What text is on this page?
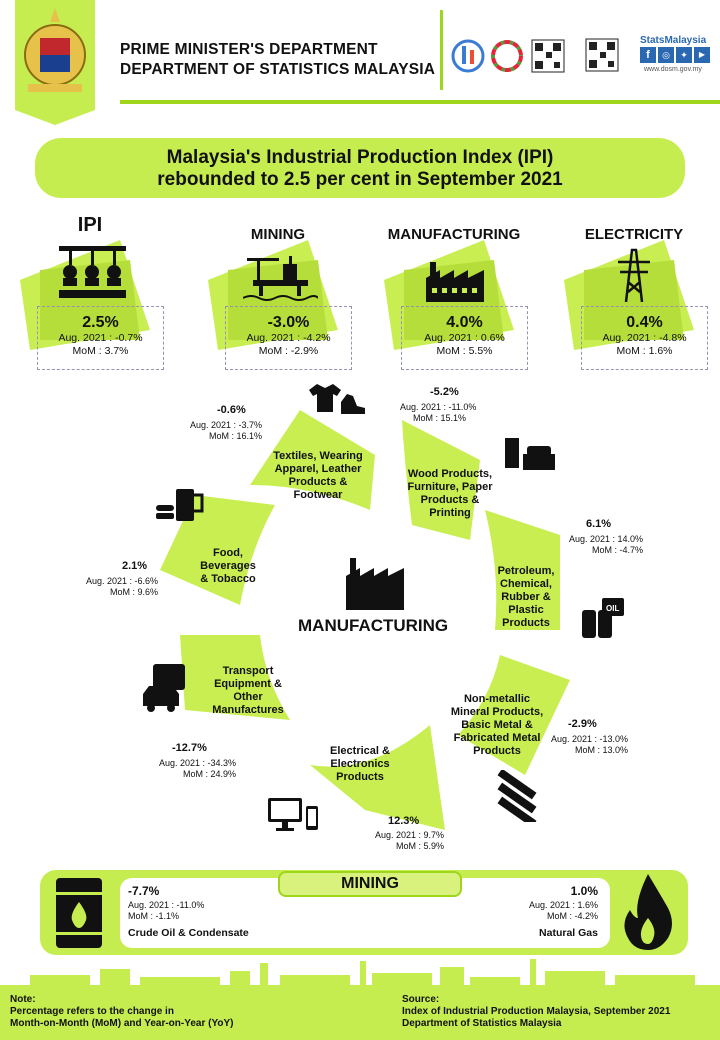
PRIME MINISTER'S DEPARTMENT
DEPARTMENT OF STATISTICS MALAYSIA
StatsMalaysia
f	◎	✦	▶
www.dosm.gov.my
Malaysia's Industrial Production Index (IPI)
rebounded to 2.5 per cent in September 2021
IPI
2.5%
Aug. 2021 : -0.7%
MoM : 3.7%
MINING
-3.0%
Aug. 2021 : -4.2%
MoM : -2.9%
MANUFACTURING
4.0%
Aug. 2021 : 0.6%
MoM : 5.5%
ELECTRICITY
0.4%
Aug. 2021 : -4.8%
MoM : 1.6%
Textiles, Wearing Apparel, Leather Products & Footwear
Wood Products, Furniture, Paper Products & Printing
Petroleum, Chemical, Rubber & Plastic Products
Non-metallic Mineral Products, Basic Metal & Fabricated Metal Products
Electrical & Electronics Products
Transport Equipment & Other Manufactures
Food, Beverages & Tobacco
MANUFACTURING
-0.6%
Aug. 2021 : -3.7%
MoM : 16.1%
-5.2%
Aug. 2021 : -11.0%
MoM : 15.1%
6.1%
Aug. 2021 : 14.0%
MoM : -4.7%
-2.9%
Aug. 2021 : -13.0%
MoM : 13.0%
12.3%
Aug. 2021 : 9.7%
MoM : 5.9%
-12.7%
Aug. 2021 : -34.3%
MoM : 24.9%
2.1%
Aug. 2021 : -6.6%
MoM : 9.6%
OIL
MINING
-7.7%
Aug. 2021 : -11.0%
MoM : -1.1%
Crude Oil & Condensate
1.0%
Aug. 2021 : 1.6%
MoM : -4.2%
Natural Gas
Note:
Percentage refers to the change in
Month-on-Month (MoM) and Year-on-Year (YoY)
Source:
Index of Industrial Production Malaysia, September 2021
Department of Statistics Malaysia
